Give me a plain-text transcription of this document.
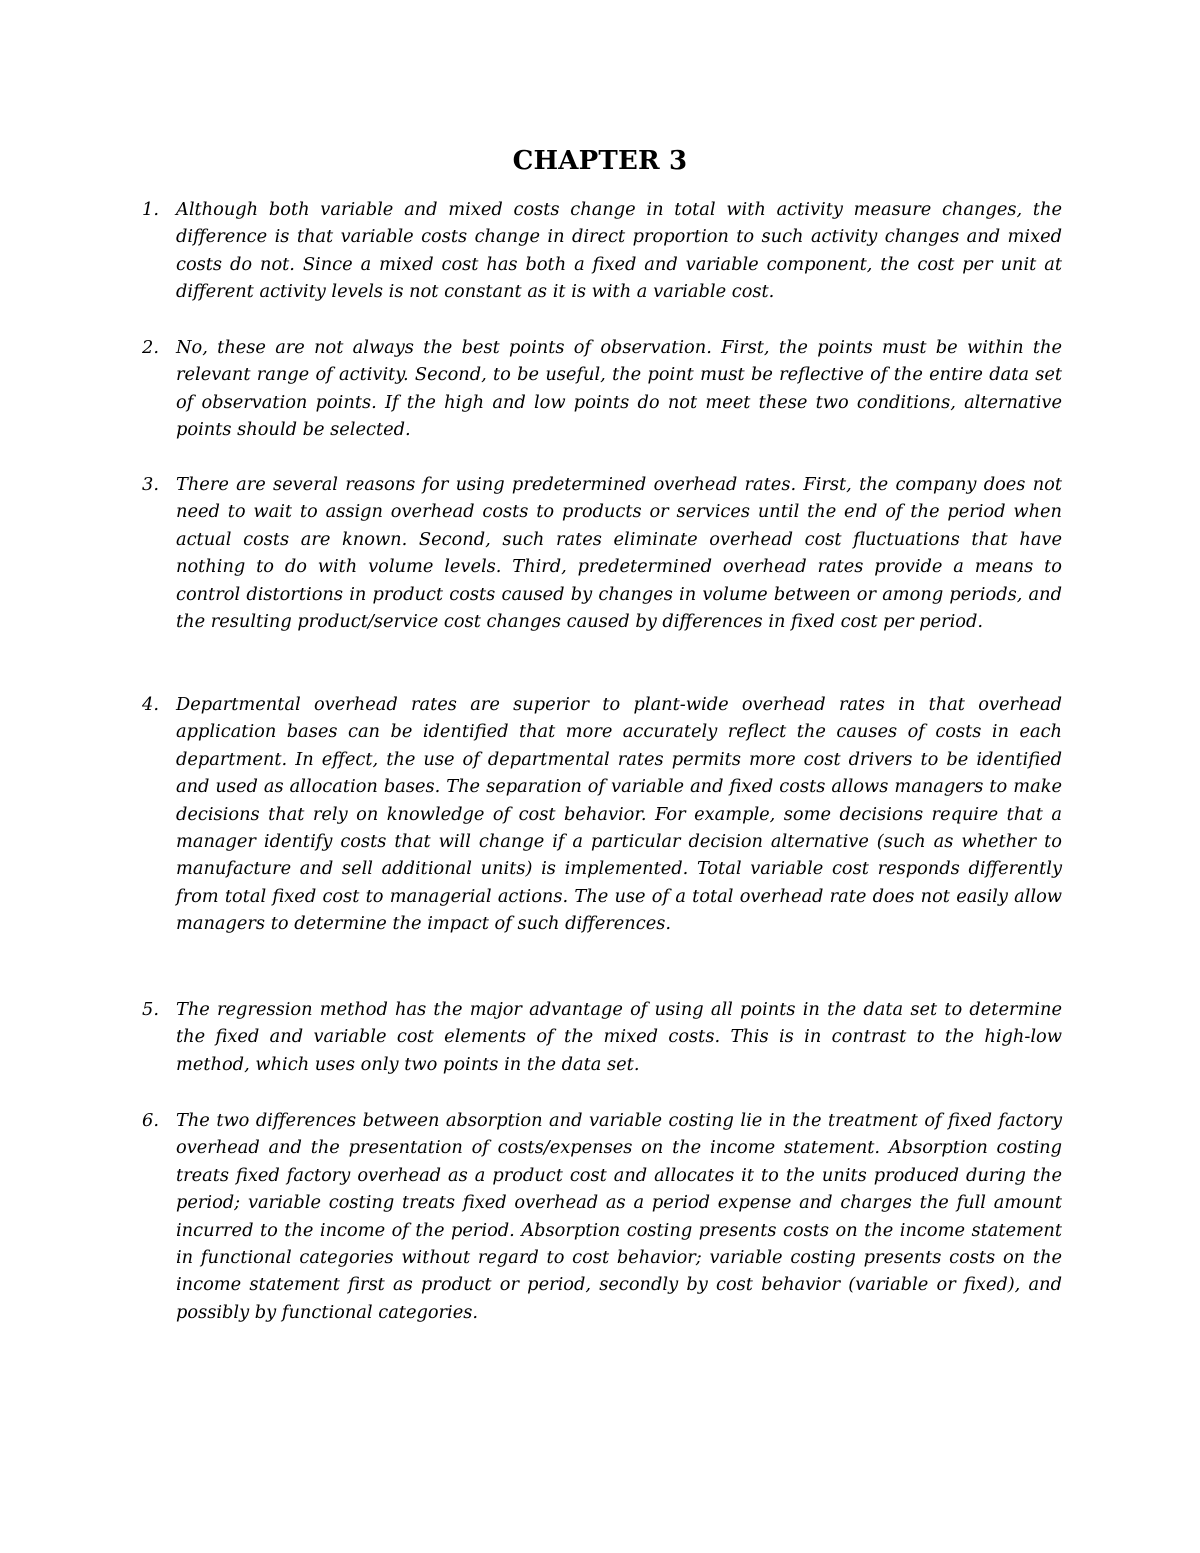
CHAPTER 3
1. Although both variable and mixed costs change in total with activity measure changes, the difference is that variable costs change in direct proportion to such activity changes and mixed costs do not. Since a mixed cost has both a fixed and variable component, the cost per unit at different activity levels is not constant as it is with a variable cost.
2. No, these are not always the best points of observation. First, the points must be within the relevant range of activity. Second, to be useful, the point must be reflective of the entire data set of observation points. If the high and low points do not meet these two conditions, alternative points should be selected.
3. There are several reasons for using predetermined overhead rates. First, the company does not need to wait to assign overhead costs to products or services until the end of the period when actual costs are known. Second, such rates eliminate overhead cost fluctuations that have nothing to do with volume levels. Third, predetermined overhead rates provide a means to control distortions in product costs caused by changes in volume between or among periods, and the resulting product/service cost changes caused by differences in fixed cost per period.
4. Departmental overhead rates are superior to plant-wide overhead rates in that overhead application bases can be identified that more accurately reflect the causes of costs in each department. In effect, the use of departmental rates permits more cost drivers to be identified and used as allocation bases. The separation of variable and fixed costs allows managers to make decisions that rely on knowledge of cost behavior. For example, some decisions require that a manager identify costs that will change if a particular decision alternative (such as whether to manufacture and sell additional units) is implemented. Total variable cost responds differently from total fixed cost to managerial actions. The use of a total overhead rate does not easily allow managers to determine the impact of such differences.
5. The regression method has the major advantage of using all points in the data set to determine the fixed and variable cost elements of the mixed costs. This is in contrast to the high-low method, which uses only two points in the data set.
6. The two differences between absorption and variable costing lie in the treatment of fixed factory overhead and the presentation of costs/expenses on the income statement. Absorption costing treats fixed factory overhead as a product cost and allocates it to the units produced during the period; variable costing treats fixed overhead as a period expense and charges the full amount incurred to the income of the period. Absorption costing presents costs on the income statement in functional categories without regard to cost behavior; variable costing presents costs on the income statement first as product or period, secondly by cost behavior (variable or fixed), and possibly by functional categories.
